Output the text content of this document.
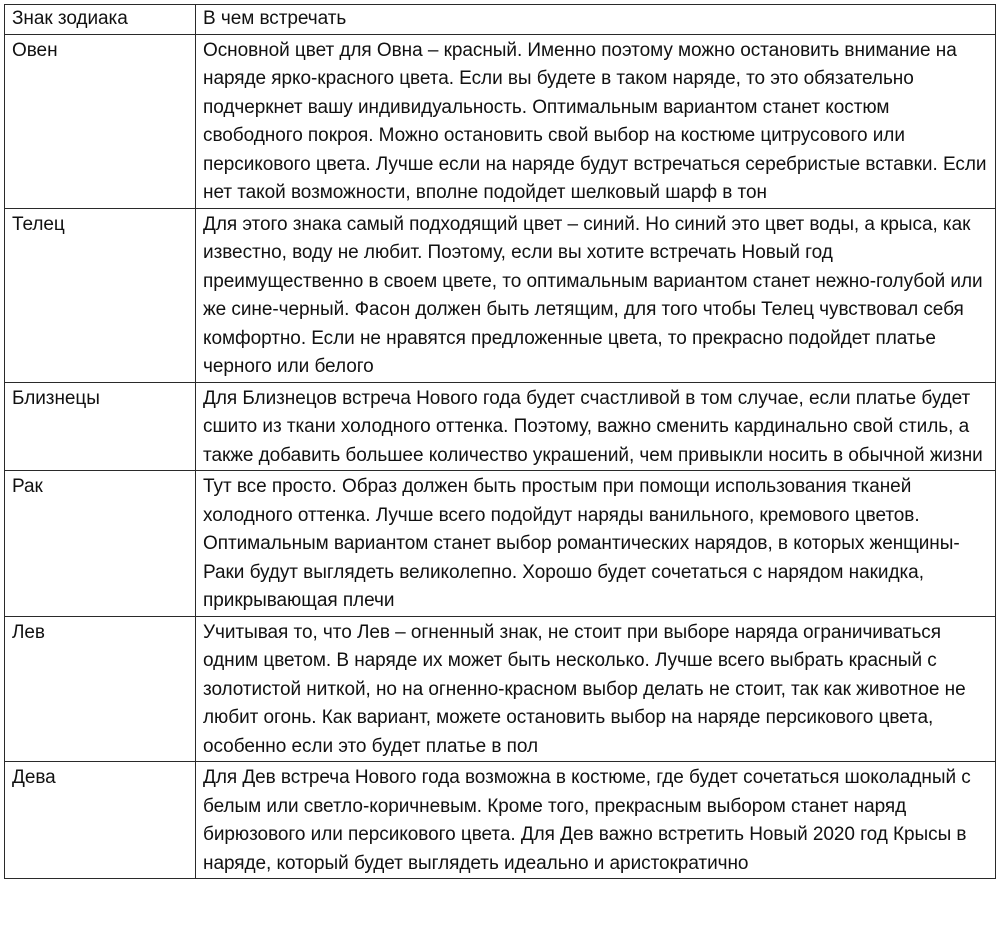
Знак зодиака	В чем встречать
Овен	Основной цвет для Овна – красный. Именно поэтому можно остановить внимание на наряде ярко-красного цвета. Если вы будете в таком наряде, то это обязательно подчеркнет вашу индивидуальность. Оптимальным вариантом станет костюм свободного покроя. Можно остановить свой выбор на костюме цитрусового или персикового цвета. Лучше если на наряде будут встречаться серебристые вставки. Если нет такой возможности, вполне подойдет шелковый шарф в тон
Телец	Для этого знака самый подходящий цвет – синий. Но синий это цвет воды, а крыса, как известно, воду не любит. Поэтому, если вы хотите встречать Новый год преимущественно в своем цвете, то оптимальным вариантом станет нежно-голубой или же сине-черный. Фасон должен быть летящим, для того чтобы Телец чувствовал себя комфортно. Если не нравятся предложенные цвета, то прекрасно подойдет платье черного или белого
Близнецы	Для Близнецов встреча Нового года будет счастливой в том случае, если платье будет сшито из ткани холодного оттенка. Поэтому, важно сменить кардинально свой стиль, а также добавить большее количество украшений, чем привыкли носить в обычной жизни
Рак	Тут все просто. Образ должен быть простым при помощи использования тканей холодного оттенка. Лучше всего подойдут наряды ванильного, кремового цветов. Оптимальным вариантом станет выбор романтических нарядов, в которых женщины-Раки будут выглядеть великолепно. Хорошо будет сочетаться с нарядом накидка, прикрывающая плечи
Лев	Учитывая то, что Лев – огненный знак, не стоит при выборе наряда ограничиваться одним цветом. В наряде их может быть несколько. Лучше всего выбрать красный с золотистой ниткой, но на огненно-красном выбор делать не стоит, так как животное не любит огонь. Как вариант, можете остановить выбор на наряде персикового цвета, особенно если это будет платье в пол
Дева	Для Дев встреча Нового года возможна в костюме, где будет сочетаться шоколадный с белым или светло-коричневым. Кроме того, прекрасным выбором станет наряд бирюзового или персикового цвета. Для Дев важно встретить Новый 2020 год Крысы в наряде, который будет выглядеть идеально и аристократично
